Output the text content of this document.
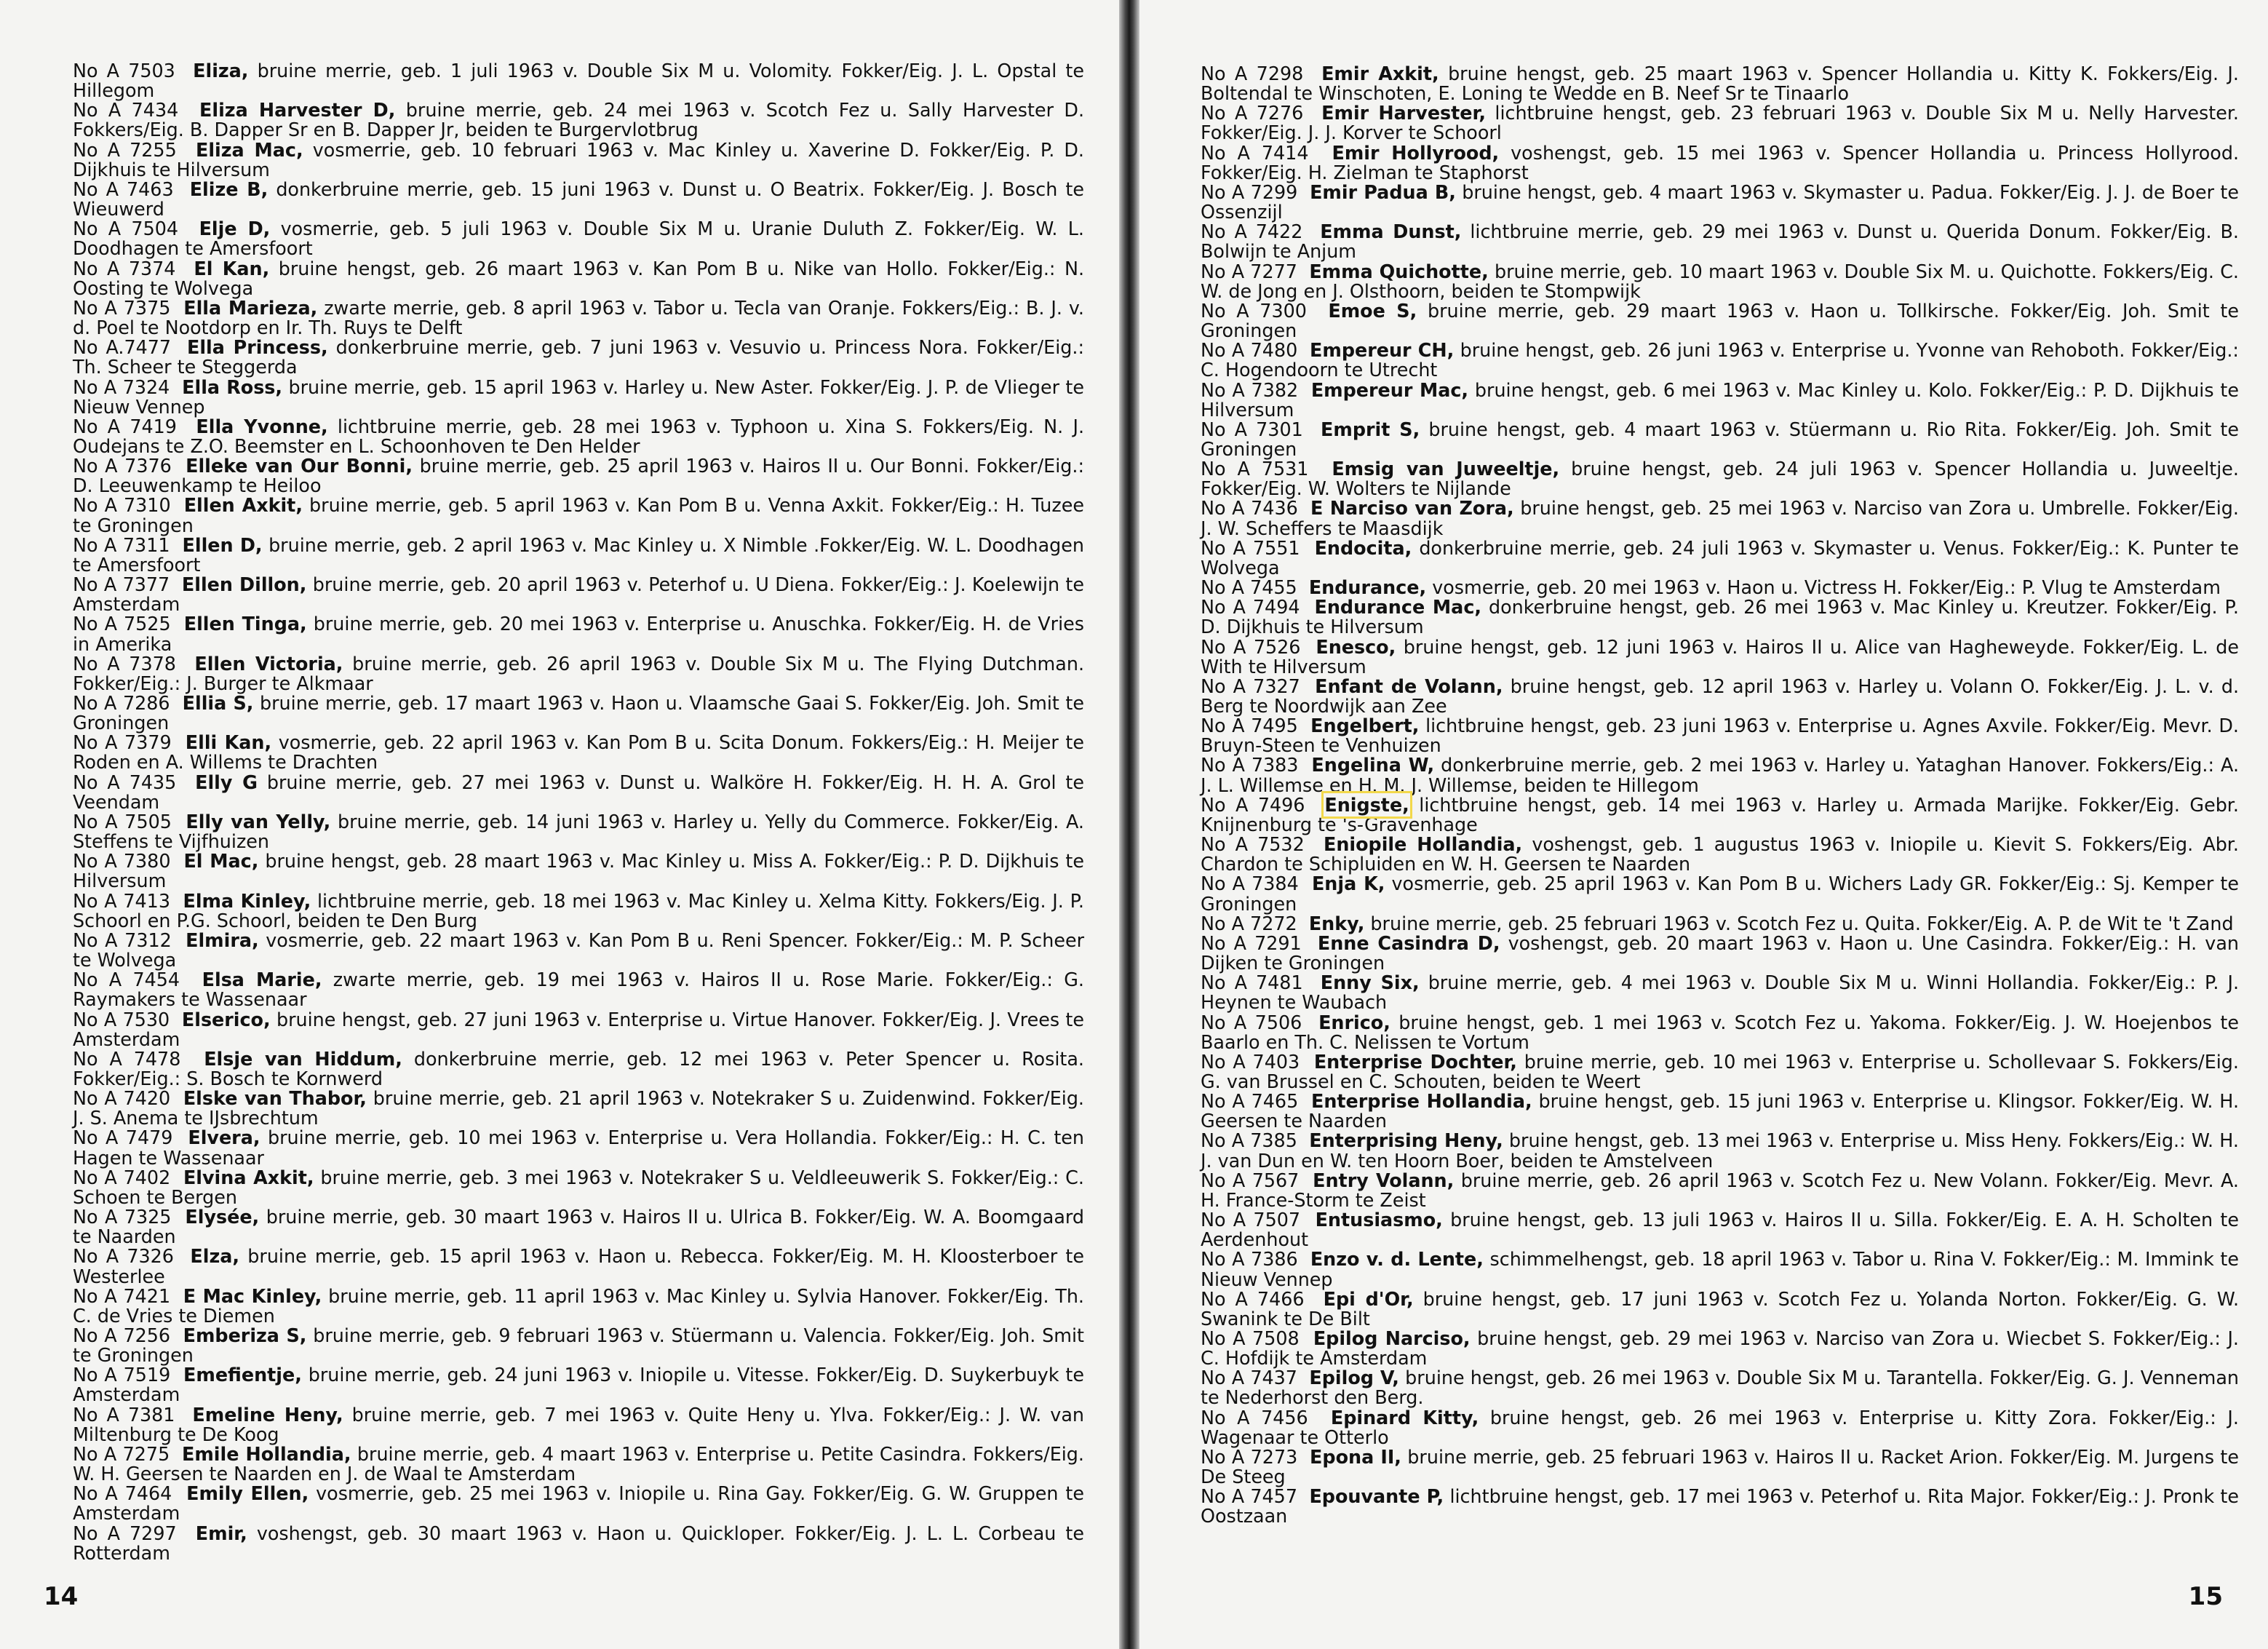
No A 7503 Eliza, bruine merrie, geb. 1 juli 1963 v. Double Six M u. Volomity. Fokker/Eig. J. L. Opstal te Hillegom
No A 7434 Eliza Harvester D, bruine merrie, geb. 24 mei 1963 v. Scotch Fez u. Sally Harvester D. Fokkers/Eig. B. Dapper Sr en B. Dapper Jr, beiden te Burgervlotbrug
No A 7255 Eliza Mac, vosmerrie, geb. 10 februari 1963 v. Mac Kinley u. Xaverine D. Fokker/Eig. P. D. Dijkhuis te Hilversum
No A 7463 Elize B, donkerbruine merrie, geb. 15 juni 1963 v. Dunst u. O Beatrix. Fokker/Eig. J. Bosch te Wieuwerd
No A 7504 Elje D, vosmerrie, geb. 5 juli 1963 v. Double Six M u. Uranie Duluth Z. Fokker/Eig. W. L. Doodhagen te Amersfoort
No A 7374 El Kan, bruine hengst, geb. 26 maart 1963 v. Kan Pom B u. Nike van Hollo. Fokker/Eig.: N. Oosting te Wolvega
No A 7375 Ella Marieza, zwarte merrie, geb. 8 april 1963 v. Tabor u. Tecla van Oranje. Fokkers/Eig.: B. J. v. d. Poel te Nootdorp en Ir. Th. Ruys te Delft
No A.7477 Ella Princess, donkerbruine merrie, geb. 7 juni 1963 v. Vesuvio u. Princess Nora. Fokker/Eig.: Th. Scheer te Steggerda
No A 7324 Ella Ross, bruine merrie, geb. 15 april 1963 v. Harley u. New Aster. Fokker/Eig. J. P. de Vlieger te Nieuw Vennep
No A 7419 Ella Yvonne, lichtbruine merrie, geb. 28 mei 1963 v. Typhoon u. Xina S. Fokkers/Eig. N. J. Oudejans te Z.O. Beemster en L. Schoonhoven te Den Helder
No A 7376 Elleke van Our Bonni, bruine merrie, geb. 25 april 1963 v. Hairos II u. Our Bonni. Fokker/Eig.: D. Leeuwenkamp te Heiloo
No A 7310 Ellen Axkit, bruine merrie, geb. 5 april 1963 v. Kan Pom B u. Venna Axkit. Fokker/Eig.: H. Tuzee te Groningen
No A 7311 Ellen D, bruine merrie, geb. 2 april 1963 v. Mac Kinley u. X Nimble .Fokker/Eig. W. L. Doodhagen te Amersfoort
No A 7377 Ellen Dillon, bruine merrie, geb. 20 april 1963 v. Peterhof u. U Diena. Fokker/Eig.: J. Koelewijn te Amsterdam
No A 7525 Ellen Tinga, bruine merrie, geb. 20 mei 1963 v. Enterprise u. Anuschka. Fokker/Eig. H. de Vries in Amerika
No A 7378 Ellen Victoria, bruine merrie, geb. 26 april 1963 v. Double Six M u. The Flying Dutchman. Fokker/Eig.: J. Burger te Alkmaar
No A 7286 Ellia S, bruine merrie, geb. 17 maart 1963 v. Haon u. Vlaamsche Gaai S. Fokker/Eig. Joh. Smit te Groningen
No A 7379 Elli Kan, vosmerrie, geb. 22 april 1963 v. Kan Pom B u. Scita Donum. Fokkers/Eig.: H. Meijer te Roden en A. Willems te Drachten
No A 7435 Elly G bruine merrie, geb. 27 mei 1963 v. Dunst u. Walköre H. Fokker/Eig. H. H. A. Grol te Veendam
No A 7505 Elly van Yelly, bruine merrie, geb. 14 juni 1963 v. Harley u. Yelly du Commerce. Fokker/Eig. A. Steffens te Vijfhuizen
No A 7380 El Mac, bruine hengst, geb. 28 maart 1963 v. Mac Kinley u. Miss A. Fokker/Eig.: P. D. Dijkhuis te Hilversum
No A 7413 Elma Kinley, lichtbruine merrie, geb. 18 mei 1963 v. Mac Kinley u. Xelma Kitty. Fokkers/Eig. J. P. Schoorl en P.G. Schoorl, beiden te Den Burg
No A 7312 Elmira, vosmerrie, geb. 22 maart 1963 v. Kan Pom B u. Reni Spencer. Fokker/Eig.: M. P. Scheer te Wolvega
No A 7454 Elsa Marie, zwarte merrie, geb. 19 mei 1963 v. Hairos II u. Rose Marie. Fokker/Eig.: G. Raymakers te Wassenaar
No A 7530 Elserico, bruine hengst, geb. 27 juni 1963 v. Enterprise u. Virtue Hanover. Fokker/Eig. J. Vrees te Amsterdam
No A 7478 Elsje van Hiddum, donkerbruine merrie, geb. 12 mei 1963 v. Peter Spencer u. Rosita. Fokker/Eig.: S. Bosch te Kornwerd
No A 7420 Elske van Thabor, bruine merrie, geb. 21 april 1963 v. Notekraker S u. Zuidenwind. Fokker/Eig. J. S. Anema te IJsbrechtum
No A 7479 Elvera, bruine merrie, geb. 10 mei 1963 v. Enterprise u. Vera Hollandia. Fokker/Eig.: H. C. ten Hagen te Wassenaar
No A 7402 Elvina Axkit, bruine merrie, geb. 3 mei 1963 v. Notekraker S u. Veldleeuwerik S. Fokker/Eig.: C. Schoen te Bergen
No A 7325 Elysée, bruine merrie, geb. 30 maart 1963 v. Hairos II u. Ulrica B. Fokker/Eig. W. A. Boomgaard te Naarden
No A 7326 Elza, bruine merrie, geb. 15 april 1963 v. Haon u. Rebecca. Fokker/Eig. M. H. Kloosterboer te Westerlee
No A 7421 E Mac Kinley, bruine merrie, geb. 11 april 1963 v. Mac Kinley u. Sylvia Hanover. Fokker/Eig. Th. C. de Vries te Diemen
No A 7256 Emberiza S, bruine merrie, geb. 9 februari 1963 v. Stüermann u. Valencia. Fokker/Eig. Joh. Smit te Groningen
No A 7519 Emefientje, bruine merrie, geb. 24 juni 1963 v. Iniopile u. Vitesse. Fokker/Eig. D. Suykerbuyk te Amsterdam
No A 7381 Emeline Heny, bruine merrie, geb. 7 mei 1963 v. Quite Heny u. Ylva. Fokker/Eig.: J. W. van Miltenburg te De Koog
No A 7275 Emile Hollandia, bruine merrie, geb. 4 maart 1963 v. Enterprise u. Petite Casindra. Fokkers/Eig. W. H. Geersen te Naarden en J. de Waal te Amsterdam
No A 7464 Emily Ellen, vosmerrie, geb. 25 mei 1963 v. Iniopile u. Rina Gay. Fokker/Eig. G. W. Gruppen te Amsterdam
No A 7297 Emir, voshengst, geb. 30 maart 1963 v. Haon u. Quickloper. Fokker/Eig. J. L. L. Corbeau te Rotterdam
14
No A 7298 Emir Axkit, bruine hengst, geb. 25 maart 1963 v. Spencer Hollandia u. Kitty K. Fokkers/Eig. J. Boltendal te Winschoten, E. Loning te Wedde en B. Neef Sr te Tinaarlo
No A 7276 Emir Harvester, lichtbruine hengst, geb. 23 februari 1963 v. Double Six M u. Nelly Harvester. Fokker/Eig. J. J. Korver te Schoorl
No A 7414 Emir Hollyrood, voshengst, geb. 15 mei 1963 v. Spencer Hollandia u. Princess Hollyrood. Fokker/Eig. H. Zielman te Staphorst
No A 7299 Emir Padua B, bruine hengst, geb. 4 maart 1963 v. Skymaster u. Padua. Fokker/Eig. J. J. de Boer te Ossenzijl
No A 7422 Emma Dunst, lichtbruine merrie, geb. 29 mei 1963 v. Dunst u. Querida Donum. Fokker/Eig. B. Bolwijn te Anjum
No A 7277 Emma Quichotte, bruine merrie, geb. 10 maart 1963 v. Double Six M. u. Quichotte. Fokkers/Eig. C. W. de Jong en J. Olsthoorn, beiden te Stompwijk
No A 7300 Emoe S, bruine merrie, geb. 29 maart 1963 v. Haon u. Tollkirsche. Fokker/Eig. Joh. Smit te Groningen
No A 7480 Empereur CH, bruine hengst, geb. 26 juni 1963 v. Enterprise u. Yvonne van Rehoboth. Fokker/Eig.: C. Hogendoorn te Utrecht
No A 7382 Empereur Mac, bruine hengst, geb. 6 mei 1963 v. Mac Kinley u. Kolo. Fokker/Eig.: P. D. Dijkhuis te Hilversum
No A 7301 Emprit S, bruine hengst, geb. 4 maart 1963 v. Stüermann u. Rio Rita. Fokker/Eig. Joh. Smit te Groningen
No A 7531 Emsig van Juweeltje, bruine hengst, geb. 24 juli 1963 v. Spencer Hollandia u. Juweeltje. Fokker/Eig. W. Wolters te Nijlande
No A 7436 E Narciso van Zora, bruine hengst, geb. 25 mei 1963 v. Narciso van Zora u. Umbrelle. Fokker/Eig. J. W. Scheffers te Maasdijk
No A 7551 Endocita, donkerbruine merrie, geb. 24 juli 1963 v. Skymaster u. Venus. Fokker/Eig.: K. Punter te Wolvega
No A 7455 Endurance, vosmerrie, geb. 20 mei 1963 v. Haon u. Victress H. Fokker/Eig.: P. Vlug te Amsterdam
No A 7494 Endurance Mac, donkerbruine hengst, geb. 26 mei 1963 v. Mac Kinley u. Kreutzer. Fokker/Eig. P. D. Dijkhuis te Hilversum
No A 7526 Enesco, bruine hengst, geb. 12 juni 1963 v. Hairos II u. Alice van Hagheweyde. Fokker/Eig. L. de With te Hilversum
No A 7327 Enfant de Volann, bruine hengst, geb. 12 april 1963 v. Harley u. Volann O. Fokker/Eig. J. L. v. d. Berg te Noordwijk aan Zee
No A 7495 Engelbert, lichtbruine hengst, geb. 23 juni 1963 v. Enterprise u. Agnes Axvile. Fokker/Eig. Mevr. D. Bruyn-Steen te Venhuizen
No A 7383 Engelina W, donkerbruine merrie, geb. 2 mei 1963 v. Harley u. Yataghan Hanover. Fokkers/Eig.: A. J. L. Willemse en H. M. J. Willemse, beiden te Hillegom
No A 7496 Enigste, lichtbruine hengst, geb. 14 mei 1963 v. Harley u. Armada Marijke. Fokker/Eig. Gebr. Knijnenburg te 's-Gravenhage
No A 7532 Eniopile Hollandia, voshengst, geb. 1 augustus 1963 v. Iniopile u. Kievit S. Fokkers/Eig. Abr. Chardon te Schipluiden en W. H. Geersen te Naarden
No A 7384 Enja K, vosmerrie, geb. 25 april 1963 v. Kan Pom B u. Wichers Lady GR. Fokker/Eig.: Sj. Kemper te Groningen
No A 7272 Enky, bruine merrie, geb. 25 februari 1963 v. Scotch Fez u. Quita. Fokker/Eig. A. P. de Wit te 't Zand
No A 7291 Enne Casindra D, voshengst, geb. 20 maart 1963 v. Haon u. Une Casindra. Fokker/Eig.: H. van Dijken te Groningen
No A 7481 Enny Six, bruine merrie, geb. 4 mei 1963 v. Double Six M u. Winni Hollandia. Fokker/Eig.: P. J. Heynen te Waubach
No A 7506 Enrico, bruine hengst, geb. 1 mei 1963 v. Scotch Fez u. Yakoma. Fokker/Eig. J. W. Hoejenbos te Baarlo en Th. C. Nelissen te Vortum
No A 7403 Enterprise Dochter, bruine merrie, geb. 10 mei 1963 v. Enterprise u. Schollevaar S. Fokkers/Eig. G. van Brussel en C. Schouten, beiden te Weert
No A 7465 Enterprise Hollandia, bruine hengst, geb. 15 juni 1963 v. Enterprise u. Klingsor. Fokker/Eig. W. H. Geersen te Naarden
No A 7385 Enterprising Heny, bruine hengst, geb. 13 mei 1963 v. Enterprise u. Miss Heny. Fokkers/Eig.: W. H. J. van Dun en W. ten Hoorn Boer, beiden te Amstelveen
No A 7567 Entry Volann, bruine merrie, geb. 26 april 1963 v. Scotch Fez u. New Volann. Fokker/Eig. Mevr. A. H. France-Storm te Zeist
No A 7507 Entusiasmo, bruine hengst, geb. 13 juli 1963 v. Hairos II u. Silla. Fokker/Eig. E. A. H. Scholten te Aerdenhout
No A 7386 Enzo v. d. Lente, schimmelhengst, geb. 18 april 1963 v. Tabor u. Rina V. Fokker/Eig.: M. Immink te Nieuw Vennep
No A 7466 Epi d'Or, bruine hengst, geb. 17 juni 1963 v. Scotch Fez u. Yolanda Norton. Fokker/Eig. G. W. Swanink te De Bilt
No A 7508 Epilog Narciso, bruine hengst, geb. 29 mei 1963 v. Narciso van Zora u. Wiecbet S. Fokker/Eig.: J. C. Hofdijk te Amsterdam
No A 7437 Epilog V, bruine hengst, geb. 26 mei 1963 v. Double Six M u. Tarantella. Fokker/Eig. G. J. Venneman te Nederhorst den Berg.
No A 7456 Epinard Kitty, bruine hengst, geb. 26 mei 1963 v. Enterprise u. Kitty Zora. Fokker/Eig.: J. Wagenaar te Otterlo
No A 7273 Epona II, bruine merrie, geb. 25 februari 1963 v. Hairos II u. Racket Arion. Fokker/Eig. M. Jurgens te De Steeg
No A 7457 Epouvante P, lichtbruine hengst, geb. 17 mei 1963 v. Peterhof u. Rita Major. Fokker/Eig.: J. Pronk te Oostzaan
15
